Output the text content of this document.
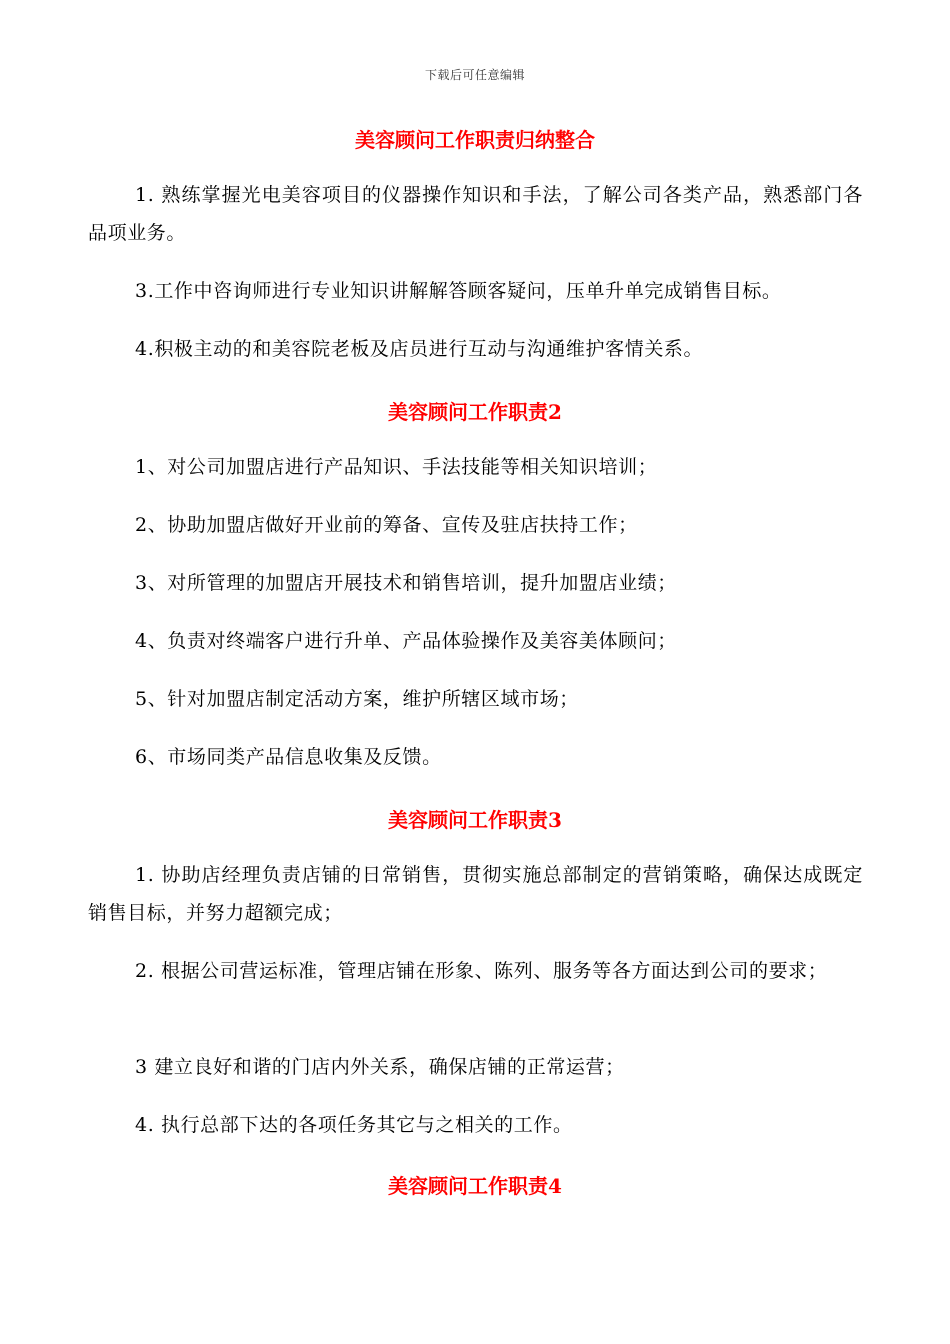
下载后可任意编辑
美容顾问工作职责归纳整合
1. 熟练掌握光电美容项目的仪器操作知识和手法，了解公司各类产品，熟悉部门各品项业务。
3.工作中咨询师进行专业知识讲解解答顾客疑问，压单升单完成销售目标。
4.积极主动的和美容院老板及店员进行互动与沟通维护客情关系。
美容顾问工作职责2
1、对公司加盟店进行产品知识、手法技能等相关知识培训；
2、协助加盟店做好开业前的筹备、宣传及驻店扶持工作；
3、对所管理的加盟店开展技术和销售培训，提升加盟店业绩；
4、负责对终端客户进行升单、产品体验操作及美容美体顾问；
5、针对加盟店制定活动方案，维护所辖区域市场；
6、市场同类产品信息收集及反馈。
美容顾问工作职责3
1. 协助店经理负责店铺的日常销售，贯彻实施总部制定的营销策略，确保达成既定销售目标，并努力超额完成；
2. 根据公司营运标准，管理店铺在形象、陈列、服务等各方面达到公司的要求；
3 建立良好和谐的门店内外关系，确保店铺的正常运营；
4. 执行总部下达的各项任务其它与之相关的工作。
美容顾问工作职责4
